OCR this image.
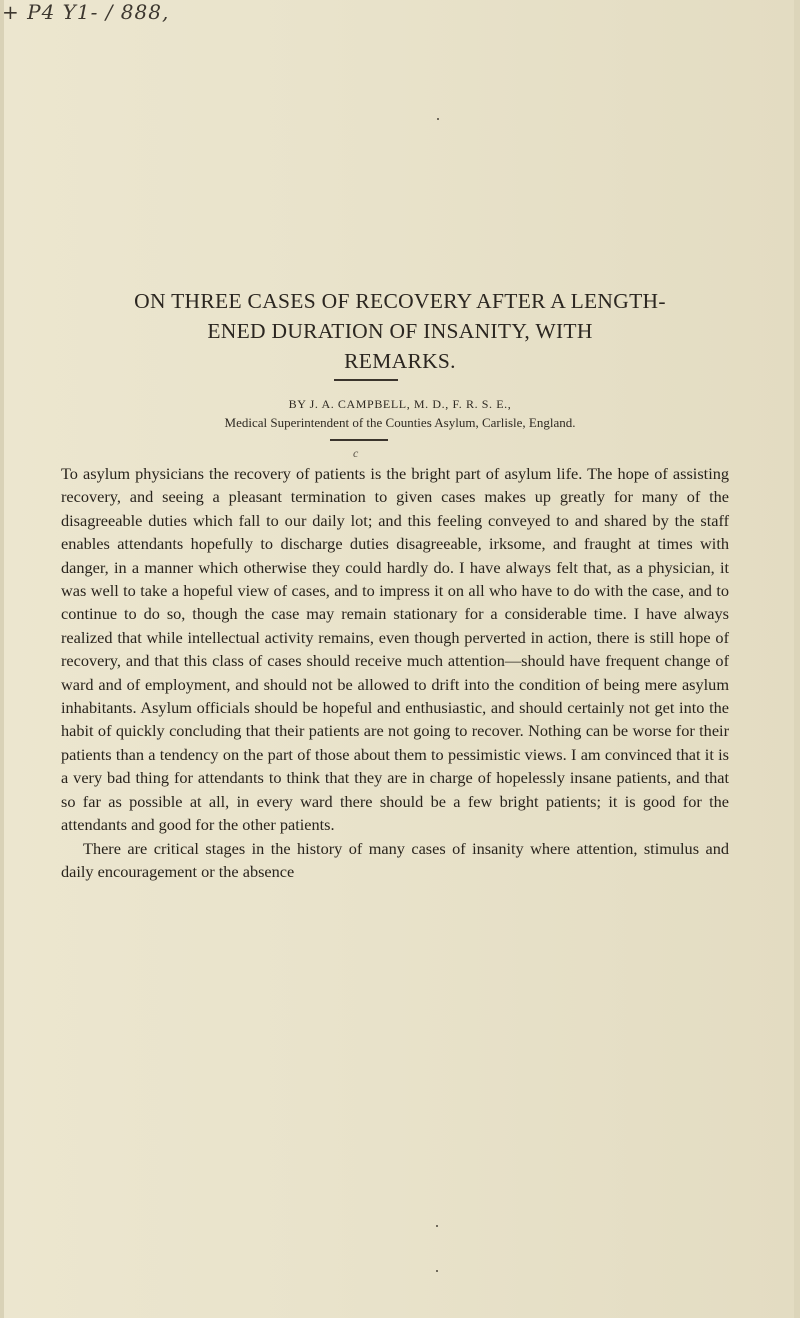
+ P4 Y1- / 888,
ON THREE CASES OF RECOVERY AFTER A LENGTH-
ENED DURATION OF INSANITY, WITH
REMARKS.
BY J. A. CAMPBELL, M. D., F. R. S. E.,
Medical Superintendent of the Counties Asylum, Carlisle, England.
c

To asylum physicians the recovery of patients is the bright part of asylum life. The hope of assisting recovery, and seeing a pleasant termination to given cases makes up greatly for many of the disagreeable duties which fall to our daily lot; and this feeling conveyed to and shared by the staff enables attendants hopefully to discharge duties disagreeable, irksome, and fraught at times with danger, in a manner which otherwise they could hardly do. I have always felt that, as a physician, it was well to take a hopeful view of cases, and to impress it on all who have to do with the case, and to continue to do so, though the case may remain stationary for a considerable time. I have always realized that while intellectual activity remains, even though perverted in action, there is still hope of recovery, and that this class of cases should receive much attention—should have frequent change of ward and of employment, and should not be allowed to drift into the condition of being mere asylum inhabitants. Asylum officials should be hopeful and enthusiastic, and should certainly not get into the habit of quickly concluding that their patients are not going to recover. Nothing can be worse for their patients than a tendency on the part of those about them to pessimistic views. I am convinced that it is a very bad thing for attendants to think that they are in charge of hopelessly insane patients, and that so far as possible at all, in every ward there should be a few bright patients; it is good for the attendants and good for the other patients.

There are critical stages in the history of many cases of insanity where attention, stimulus and daily encouragement or the absence
